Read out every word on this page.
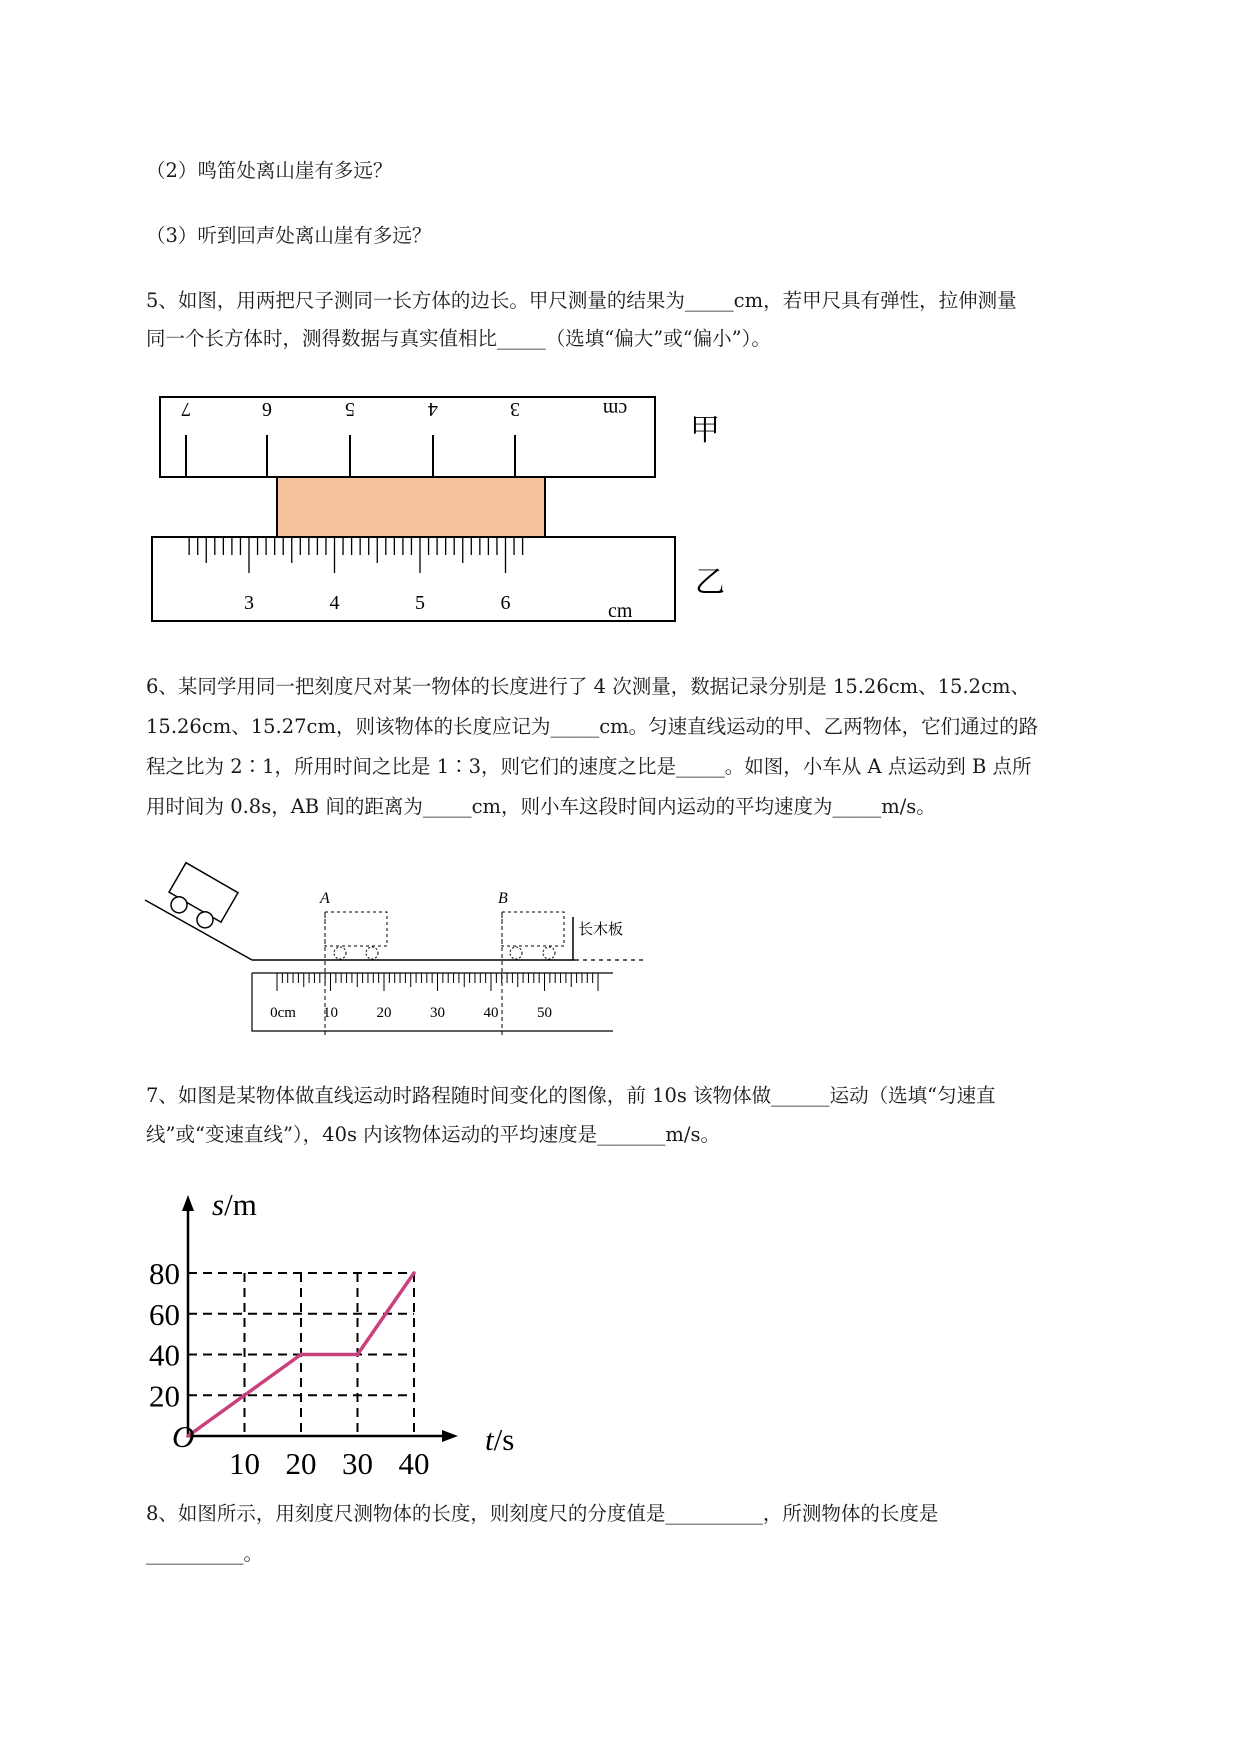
（2）鸣笛处离山崖有多远？
（3）听到回声处离山崖有多远？
5、如图，用两把尺子测同一长方体的边长。甲尺测量的结果为_____cm，若甲尺具有弹性，拉伸测量
同一个长方体时，测得数据与真实值相比_____（选填“偏大”或“偏小”）。
7	6	5	4	3	cm
甲
3	4	5	6	cm
乙
6、某同学用同一把刻度尺对某一物体的长度进行了 4 次测量，数据记录分别是 15.26cm、15.2cm、
15.26cm、15.27cm，则该物体的长度应记为_____cm。匀速直线运动的甲、乙两物体，它们通过的路
程之比为 2∶1，所用时间之比是 1∶3，则它们的速度之比是_____。如图，小车从 A 点运动到 B 点所
用时间为 0.8s，AB 间的距离为_____cm，则小车这段时间内运动的平均速度为_____m/s。
A	B
长木板
0cm 10	20	30	40	50
7、如图是某物体做直线运动时路程随时间变化的图像，前 10s 该物体做______运动（选填“匀速直
线”或“变速直线”），40s 内该物体运动的平均速度是_______m/s。
10 20 30 40
20
40
60
80
s/m
t/s
O
8、如图所示，用刻度尺测物体的长度，则刻度尺的分度值是__________，所测物体的长度是
__________。
